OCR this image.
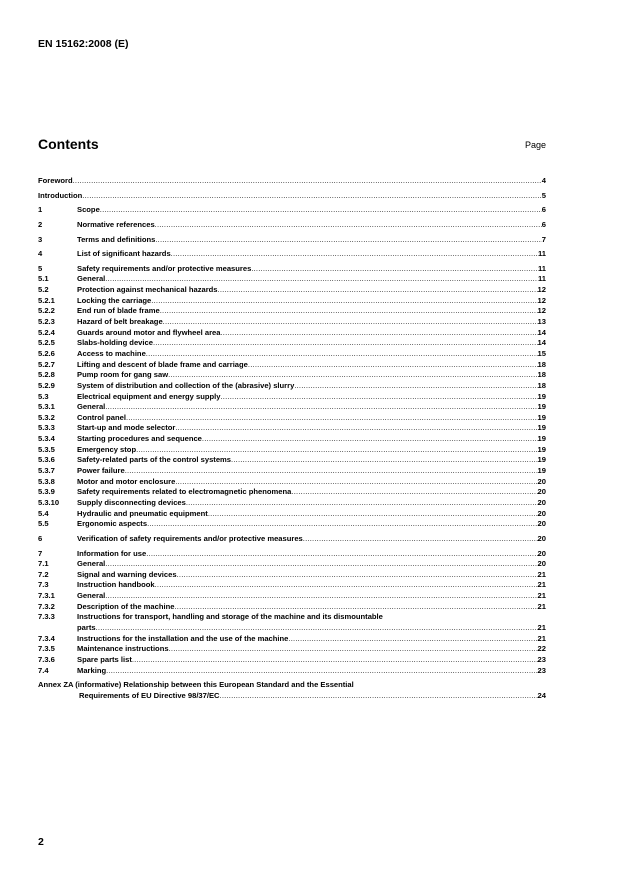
EN 15162:2008 (E)
Contents	Page
Foreword .....	4
Introduction .....	5
1	Scope .....	6
2	Normative references .....	6
3	Terms and definitions .....	7
4	List of significant hazards .....	11
5	Safety requirements and/or protective measures .....	11
5.1	General .....	11
5.2	Protection against mechanical hazards .....	12
5.2.1	Locking the carriage .....	12
5.2.2	End run of blade frame .....	12
5.2.3	Hazard of belt breakage .....	13
5.2.4	Guards around motor and flywheel area .....	14
5.2.5	Slabs-holding device .....	14
5.2.6	Access to machine .....	15
5.2.7	Lifting and descent of blade frame and carriage .....	18
5.2.8	Pump room for gang saw .....	18
5.2.9	System of distribution and collection of the (abrasive) slurry .....	18
5.3	Electrical equipment and energy supply .....	19
5.3.1	General .....	19
5.3.2	Control panel .....	19
5.3.3	Start-up and mode selector .....	19
5.3.4	Starting procedures and sequence .....	19
5.3.5	Emergency stop .....	19
5.3.6	Safety-related parts of the control systems .....	19
5.3.7	Power failure .....	19
5.3.8	Motor and motor enclosure .....	20
5.3.9	Safety requirements related to electromagnetic phenomena .....	20
5.3.10 Supply disconnecting devices .....	20
5.4	Hydraulic and pneumatic equipment .....	20
5.5	Ergonomic aspects .....	20
6	Verification of safety requirements and/or protective measures .....	20
7	Information for use .....	20
7.1	General .....	20
7.2	Signal and warning devices .....	21
7.3	Instruction handbook .....	21
7.3.1	General .....	21
7.3.2	Description of the machine .....	21
7.3.3	Instructions for transport, handling and storage of the machine and its dismountable
parts .....	21
7.3.4	Instructions for the installation and the use of the machine .....	21
7.3.5	Maintenance instructions .....	22
7.3.6	Spare parts list .....	23
7.4	Marking .....	23
Annex ZA (informative) Relationship between this European Standard and the Essential
Requirements of EU Directive 98/37/EC .....	24
2
